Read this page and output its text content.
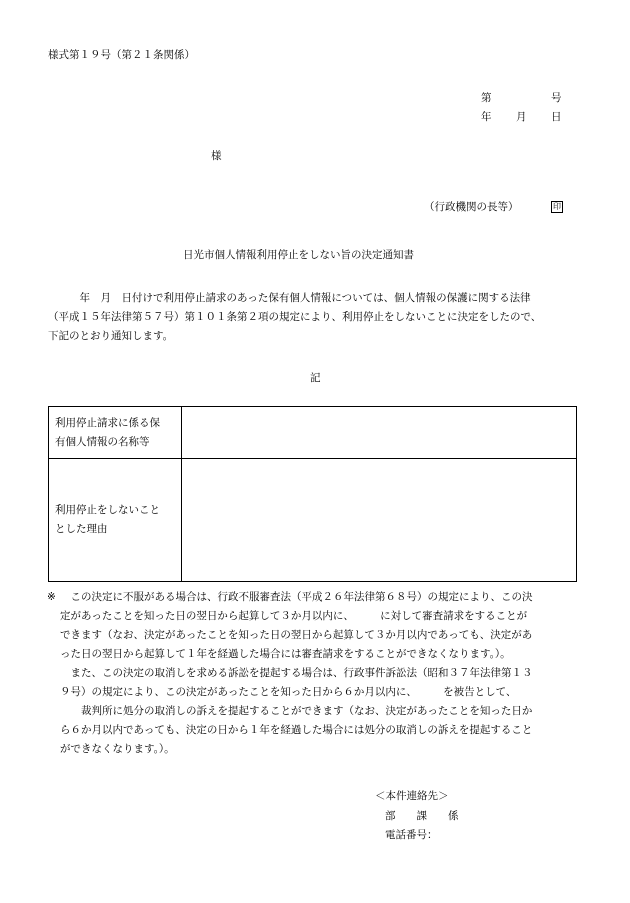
様式第１９号（第２１条関係）
第	号
年 月 日
様
（行政機関の長等）	印
日光市個人情報利用停止をしない旨の決定通知書
　　　年　月　日付けで利用停止請求のあった保有個人情報については、個人情報の保護に関する法律
（平成１５年法律第５７号）第１０１条第２項の規定により、利用停止をしないことに決定をしたので、
下記のとおり通知します。
記
利用停止請求に係る保
有個人情報の名称等	

利用停止をしないこと
とした理由	

※ 　この決定に不服がある場合は、行政不服審査法（平成２６年法律第６８号）の規定により、この決
定があったことを知った日の翌日から起算して３か月以内に、　　　に対して審査請求をすることが
できます（なお、決定があったことを知った日の翌日から起算して３か月以内であっても、決定があ
った日の翌日から起算して１年を経過した場合には審査請求をすることができなくなります。）。
　また、この決定の取消しを求める訴訟を提起する場合は、行政事件訴訟法（昭和３７年法律第１３
９号）の規定により、この決定があったことを知った日から６か月以内に、　　　を被告として、
　　裁判所に処分の取消しの訴えを提起することができます（なお、決定があったことを知った日か
ら６か月以内であっても、決定の日から１年を経過した場合には処分の取消しの訴えを提起すること
ができなくなります。）。
＜本件連絡先＞
部　　課　　係
電話番号：
